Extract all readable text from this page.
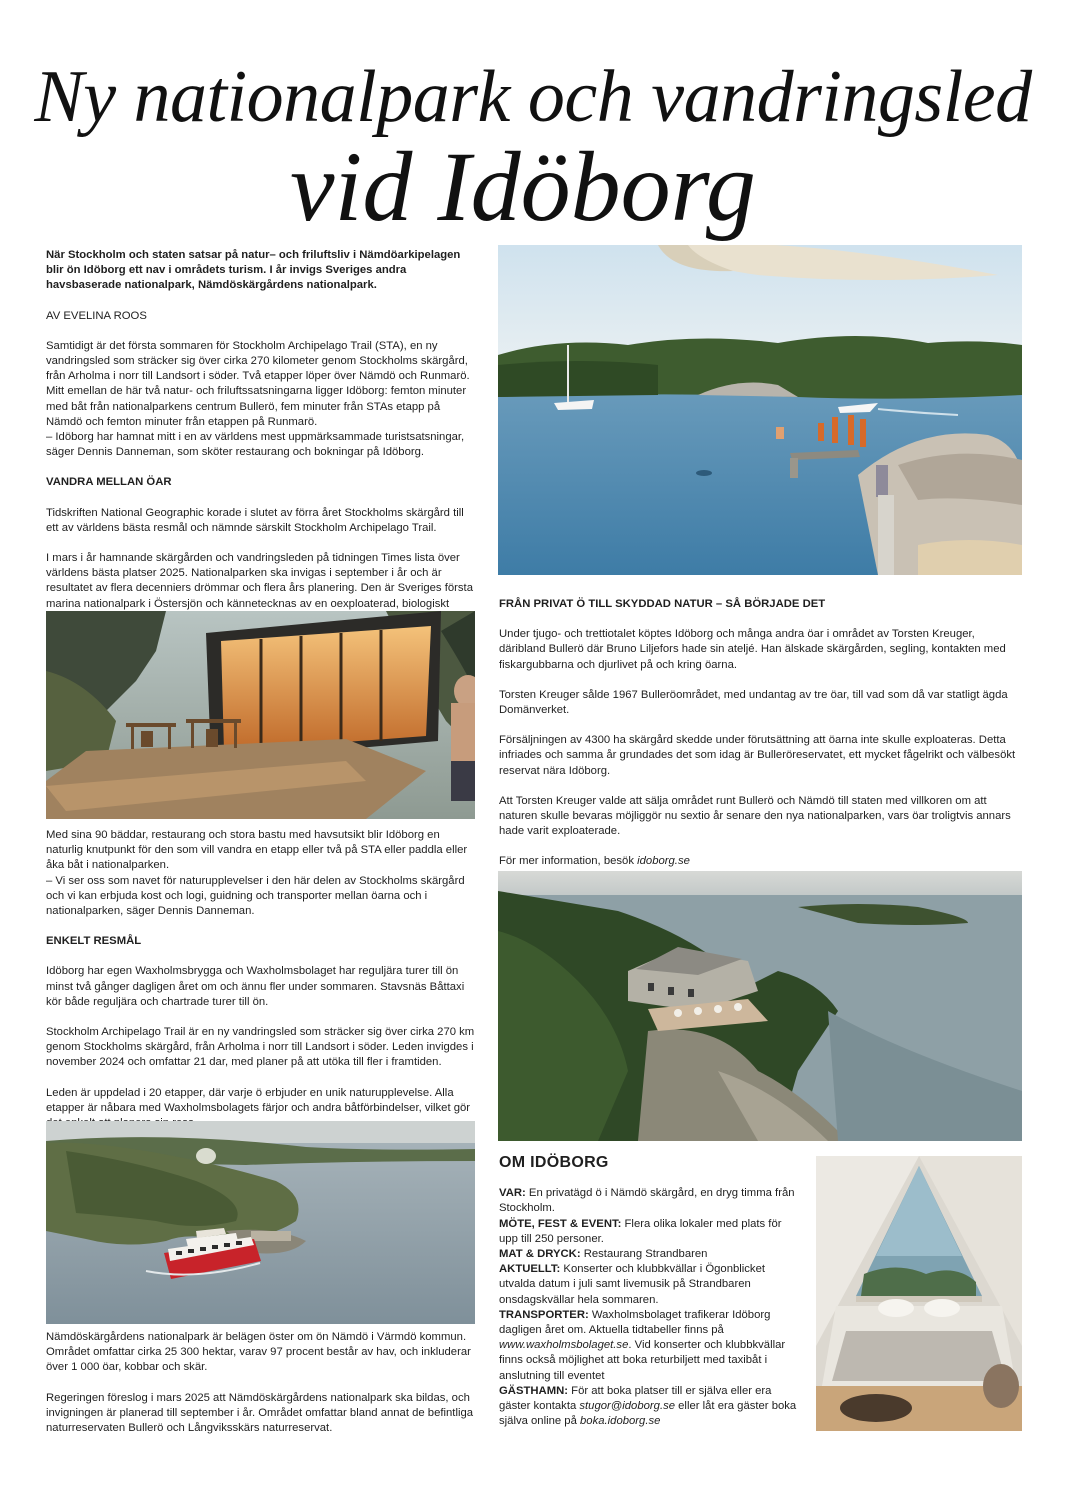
Ny nationalpark och vandringsled
vid Idöborg

När Stockholm och staten satsar på natur– och friluftsliv i Nämdöarkipelagen blir ön Idöborg ett nav i områdets turism. I år invigs Sveriges andra havsbaserade nationalpark, Nämdöskärgårdens nationalpark.

AV EVELINA ROOS

Samtidigt är det första sommaren för Stockholm Archipelago Trail (STA), en ny vandringsled som sträcker sig över cirka 270 kilometer genom Stockholms skärgård, från Arholma i norr till Landsort i söder. Två etapper löper över Nämdö och Runmarö. Mitt emellan de här två natur- och friluftssatsningarna ligger Idöborg: femton minuter med båt från nationalparkens centrum Bullerö, fem minuter från STAs etapp på Nämdö och femton minuter från etappen på Runmarö.

– Idöborg har hamnat mitt i en av världens mest uppmärksammade turistsatsningar, säger Dennis Danneman, som sköter restaurang och bokningar på Idöborg.

VANDRA MELLAN ÖAR

Tidskriften National Geographic korade i slutet av förra året Stockholms skärgård till ett av världens bästa resmål och nämnde särskilt Stockholm Archipelago Trail.

I mars i år hamnande skärgården och vandringsleden på tidningen Times lista över världens bästa platser 2025. Nationalparken ska invigas i september i år och är resultatet av flera decenniers drömmar och flera års planering. Den är Sveriges första marina nationalpark i Östersjön och kännetecknas av en oexploaterad, biologiskt

Med sina 90 bäddar, restaurang och stora bastu med havsutsikt blir Idöborg en naturlig knutpunkt för den som vill vandra en etapp eller två på STA eller paddla eller åka båt i nationalparken.

– Vi ser oss som navet för naturupplevelser i den här delen av Stockholms skärgård och vi kan erbjuda kost och logi, guidning och transporter mellan öarna och i nationalparken, säger Dennis Danneman.

ENKELT RESMÅL

Idöborg har egen Waxholmsbrygga och Waxholmsbolaget har reguljära turer till ön minst två gånger dagligen året om och ännu fler under sommaren. Stavsnäs Båttaxi kör både reguljära och chartrade turer till ön.

Stockholm Archipelago Trail är en ny vandringsled som sträcker sig över cirka 270 km genom Stockholms skärgård, från Arholma i norr till Landsort i söder. Leden invigdes i november 2024 och omfattar 21 dar, med planer på att utöka till fler i framtiden.

Leden är uppdelad i 20 etapper, där varje ö erbjuder en unik naturupplevelse. Alla etapper är nåbara med Waxholmsbolagets färjor och andra båtförbindelser, vilket gör

Nämdöskärgårdens nationalpark är belägen öster om ön Nämdö i Värmdö kommun. Området omfattar cirka 25 300 hektar, varav 97 procent består av hav, och inkluderar över 1 000 öar, kobbar och skär.

Regeringen föreslog i mars 2025 att Nämdöskärgårdens nationalpark ska bildas, och invigningen är planerad till september i år. Området omfattar bland annat de befintliga naturreservaten Bullerö och Långviksskärs naturreservat.

FRÅN PRIVAT Ö TILL SKYDDAD NATUR – SÅ BÖRJADE DET

Under tjugo- och trettiotalet köptes Idöborg och många andra öar i området av Torsten Kreuger, däribland Bullerö där Bruno Liljefors hade sin ateljé. Han älskade skärgården, segling, kontakten med fiskargubbarna och djurlivet på och kring öarna.

Torsten Kreuger sålde 1967 Bulleröområdet, med undantag av tre öar, till vad som då var statligt ägda Domänverket.

Försäljningen av 4300 ha skärgård skedde under förutsättning att öarna inte skulle exploateras. Detta infriades och samma år grundades det som idag är Bulleröreservatet, ett mycket fågelrikt och välbesökt reservat nära Idöborg.

Att Torsten Kreuger valde att sälja området runt Bullerö och Nämdö till staten med villkoren om att naturen skulle bevaras möjliggör nu sextio år senare den nya nationalparken, vars öar troligtvis annars hade varit exploaterade.

För mer information, besök idoborg.se

OM IDÖBORG

VAR: En privatägd ö i Nämdö skärgård, en dryg timma från Stockholm.

MÖTE, FEST & EVENT: Flera olika lokaler med plats för upp till 250 personer.

MAT & DRYCK: Restaurang Strandbaren

AKTUELLT: Konserter och klubbkvällar i Ögonblicket utvalda datum i juli samt livemusik på Strandbaren onsdagskvällar hela sommaren.

TRANSPORTER: Waxholmsbolaget trafikerar Idöborg dagligen året om. Aktuella tidtabeller finns på www.waxholmsbolaget.se. Vid konserter och klubbkvällar finns också möjlighet att boka returbiljett med taxibåt i anslutning till eventet

GÄSTHAMN: För att boka platser till er själva eller era gäster kontakta stugor@idoborg.se eller låt era gäster boka själva online på boka.idoborg.se
